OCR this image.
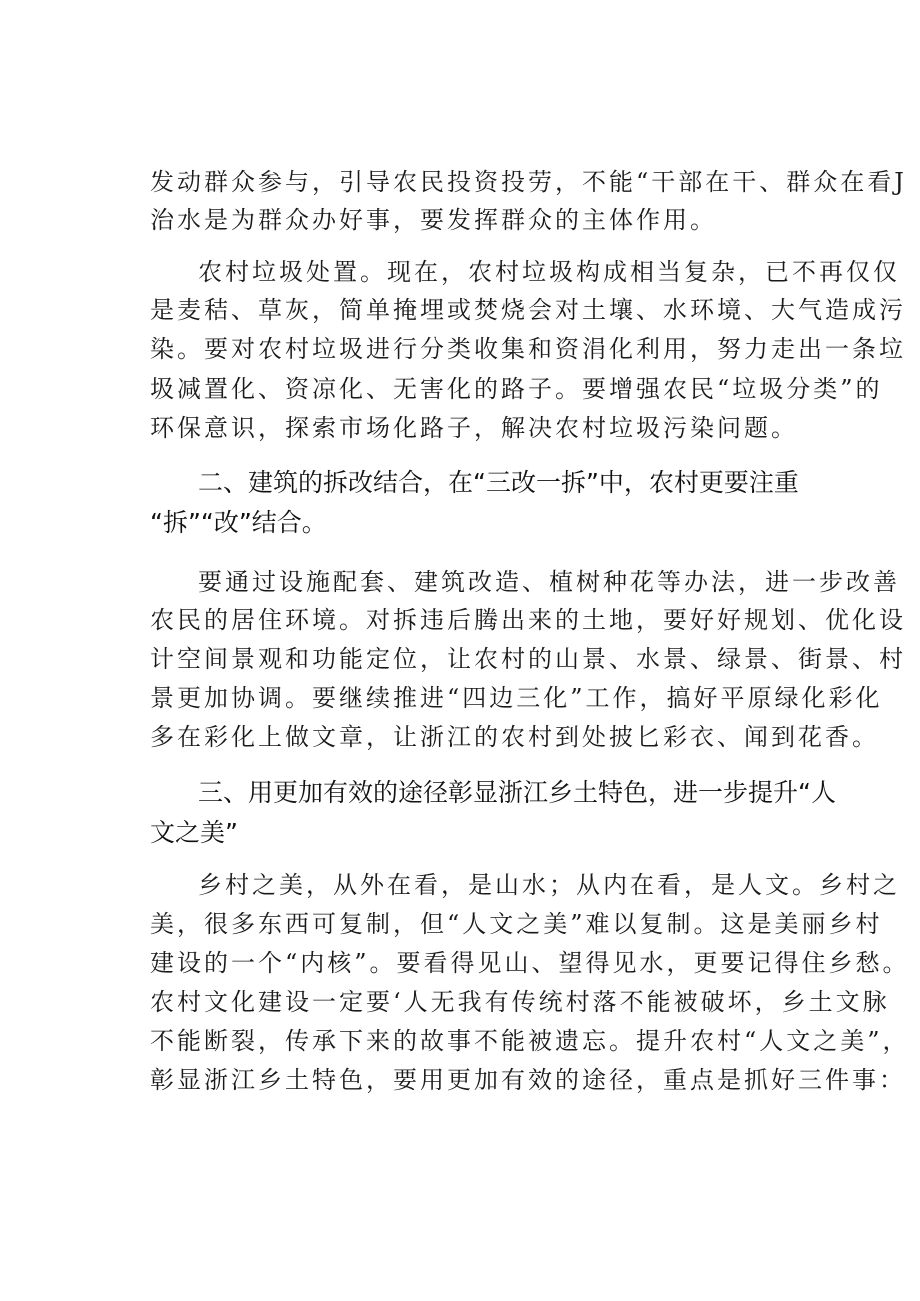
发动群众参与，引导农民投资投劳，不能“干部在干、群众在看J
治水是为群众办好事，要发挥群众的主体作用。
农村垃圾处置。现在，农村垃圾构成相当复杂，已不再仅仅
是麦秸、草灰，简单掩埋或焚烧会对土壤、水环境、大气造成污
染。要对农村垃圾进行分类收集和资涓化利用，努力走出一条垃
圾减置化、资凉化、无害化的路子。要增强农民“垃圾分类”的
环保意识，探索市场化路子，解决农村垃圾污染问题。
二、建筑的拆改结合，在“三改一拆”中，农村更要注重
“拆”“改”结合。
要通过设施配套、建筑改造、植树种花等办法，进一步改善
农民的居住环境。对拆违后腾出来的土地，要好好规划、优化设
计空间景观和功能定位，让农村的山景、水景、绿景、街景、村
景更加协调。要继续推进“四边三化”工作，搞好平原绿化彩化
多在彩化上做文章，让浙江的农村到处披匕彩衣、闻到花香。
三、用更加有效的途径彰显浙江乡土特色，进一步提升“人
文之美”
乡村之美，从外在看，是山水；从内在看，是人文。乡村之
美，很多东西可复制，但“人文之美”难以复制。这是美丽乡村
建设的一个“内核”。要看得见山、望得见水，更要记得住乡愁。
农村文化建设一定要‘人无我有传统村落不能被破坏，乡土文脉
不能断裂，传承下来的故事不能被遗忘。提升农村“人文之美”，
彰显浙江乡土特色，要用更加有效的途径，重点是抓好三件事：
